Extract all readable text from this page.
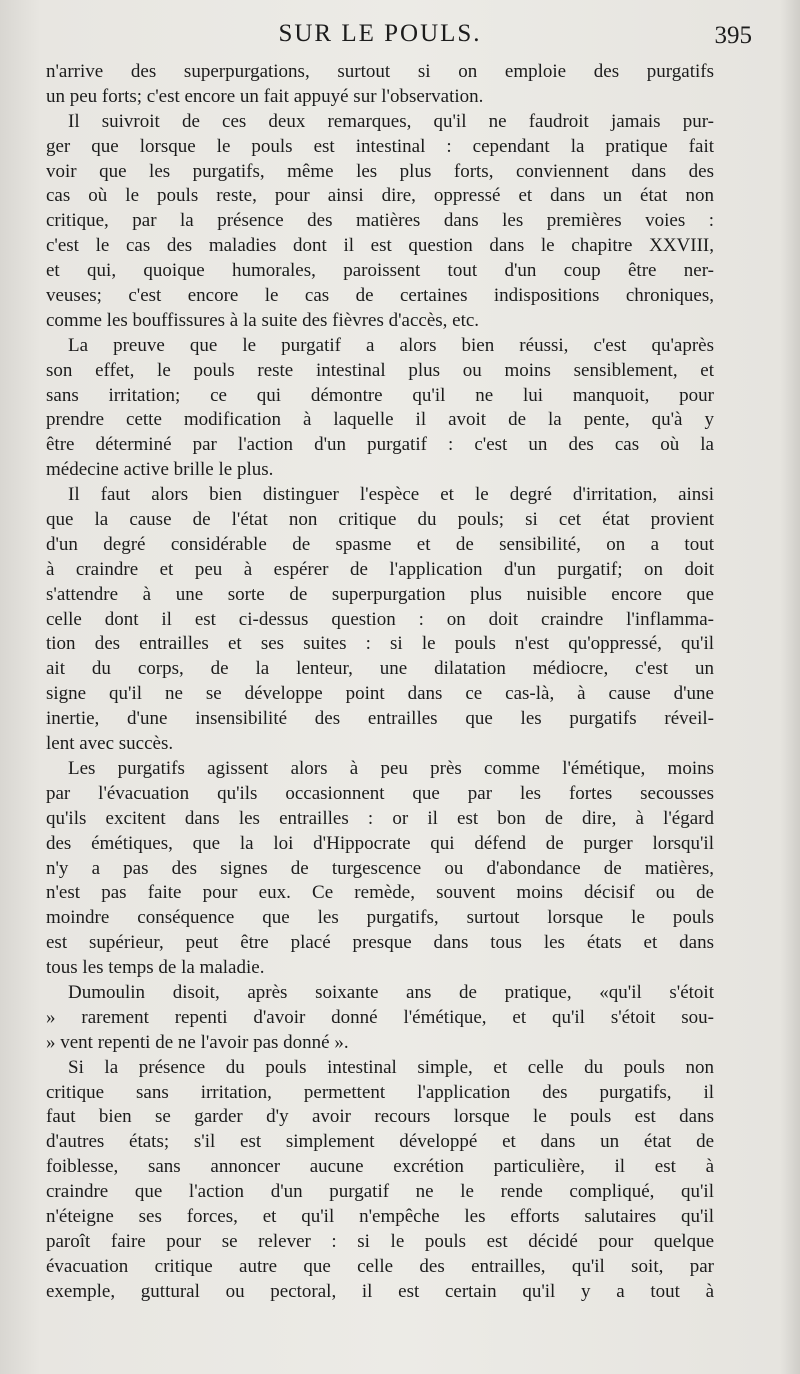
SUR LE POULS.	395
n'arrive des superpurgations, surtout si on emploie des purgatifs
un peu forts; c'est encore un fait appuyé sur l'observation.
Il suivroit de ces deux remarques, qu'il ne faudroit jamais pur-
ger que lorsque le pouls est intestinal : cependant la pratique fait
voir que les purgatifs, même les plus forts, conviennent dans des
cas où le pouls reste, pour ainsi dire, oppressé et dans un état non
critique, par la présence des matières dans les premières voies :
c'est le cas des maladies dont il est question dans le chapitre XXVIII,
et qui, quoique humorales, paroissent tout d'un coup être ner-
veuses; c'est encore le cas de certaines indispositions chroniques,
comme les bouffissures à la suite des fièvres d'accès, etc.
La preuve que le purgatif a alors bien réussi, c'est qu'après
son effet, le pouls reste intestinal plus ou moins sensiblement, et
sans irritation; ce qui démontre qu'il ne lui manquoit, pour
prendre cette modification à laquelle il avoit de la pente, qu'à y
être déterminé par l'action d'un purgatif : c'est un des cas où la
médecine active brille le plus.
Il faut alors bien distinguer l'espèce et le degré d'irritation, ainsi
que la cause de l'état non critique du pouls; si cet état provient
d'un degré considérable de spasme et de sensibilité, on a tout
à craindre et peu à espérer de l'application d'un purgatif; on doit
s'attendre à une sorte de superpurgation plus nuisible encore que
celle dont il est ci-dessus question : on doit craindre l'inflamma-
tion des entrailles et ses suites : si le pouls n'est qu'oppressé, qu'il
ait du corps, de la lenteur, une dilatation médiocre, c'est un
signe qu'il ne se développe point dans ce cas-là, à cause d'une
inertie, d'une insensibilité des entrailles que les purgatifs réveil-
lent avec succès.
Les purgatifs agissent alors à peu près comme l'émétique, moins
par l'évacuation qu'ils occasionnent que par les fortes secousses
qu'ils excitent dans les entrailles : or il est bon de dire, à l'égard
des émétiques, que la loi d'Hippocrate qui défend de purger lorsqu'il
n'y a pas des signes de turgescence ou d'abondance de matières,
n'est pas faite pour eux. Ce remède, souvent moins décisif ou de
moindre conséquence que les purgatifs, surtout lorsque le pouls
est supérieur, peut être placé presque dans tous les états et dans
tous les temps de la maladie.
Dumoulin disoit, après soixante ans de pratique, «qu'il s'étoit
» rarement repenti d'avoir donné l'émétique, et qu'il s'étoit sou-
» vent repenti de ne l'avoir pas donné ».
Si la présence du pouls intestinal simple, et celle du pouls non
critique sans irritation, permettent l'application des purgatifs, il
faut bien se garder d'y avoir recours lorsque le pouls est dans
d'autres états; s'il est simplement développé et dans un état de
foiblesse, sans annoncer aucune excrétion particulière, il est à
craindre que l'action d'un purgatif ne le rende compliqué, qu'il
n'éteigne ses forces, et qu'il n'empêche les efforts salutaires qu'il
paroît faire pour se relever : si le pouls est décidé pour quelque
évacuation critique autre que celle des entrailles, qu'il soit, par
exemple, guttural ou pectoral, il est certain qu'il y a tout à
